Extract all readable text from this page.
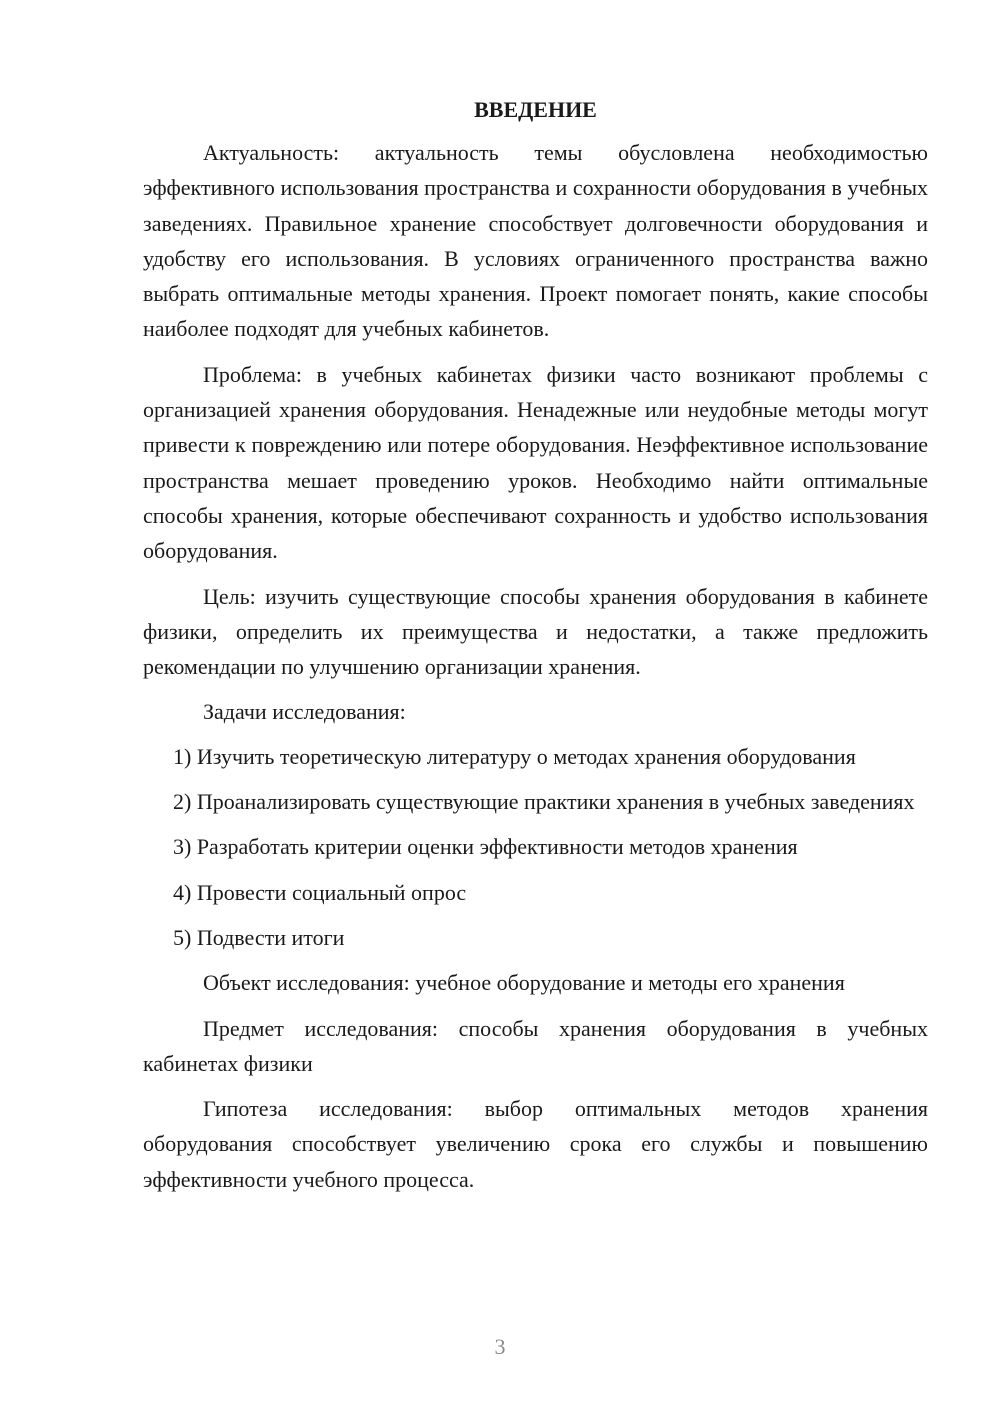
ВВЕДЕНИЕ

Актуальность: актуальность темы обусловлена необходимостью эффективного использования пространства и сохранности оборудования в учебных заведениях. Правильное хранение способствует долговечности оборудования и удобству его использования. В условиях ограниченного пространства важно выбрать оптимальные методы хранения. Проект помогает понять, какие способы наиболее подходят для учебных кабинетов.

Проблема: в учебных кабинетах физики часто возникают проблемы с организацией хранения оборудования. Ненадежные или неудобные методы могут привести к повреждению или потере оборудования. Неэффективное использование пространства мешает проведению уроков. Необходимо найти оптимальные способы хранения, которые обеспечивают сохранность и удобство использования оборудования.

Цель: изучить существующие способы хранения оборудования в кабинете физики, определить их преимущества и недостатки, а также предложить рекомендации по улучшению организации хранения.

Задачи исследования:

1) Изучить теоретическую литературу о методах хранения оборудования

2) Проанализировать существующие практики хранения в учебных заведениях

3) Разработать критерии оценки эффективности методов хранения

4) Провести социальный опрос

5) Подвести итоги

Объект исследования: учебное оборудование и методы его хранения

Предмет исследования: способы хранения оборудования в учебных кабинетах физики

Гипотеза исследования: выбор оптимальных методов хранения оборудования способствует увеличению срока его службы и повышению эффективности учебного процесса.

3
